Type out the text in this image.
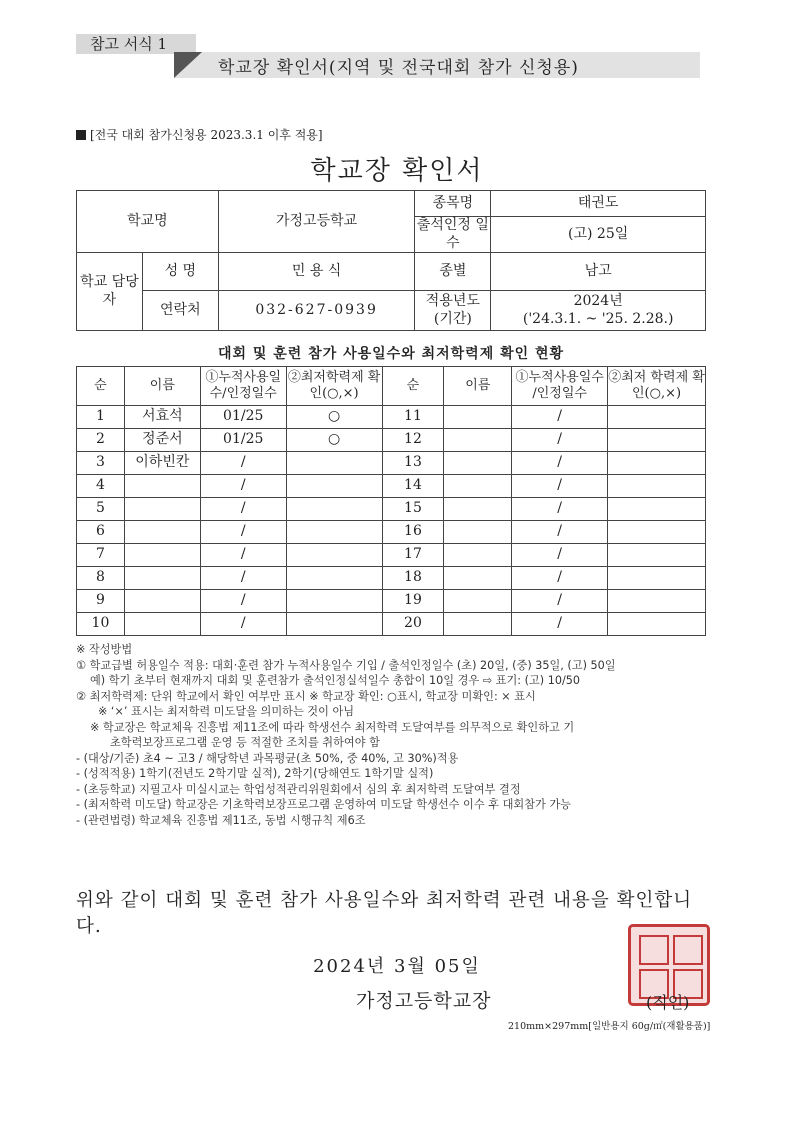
참고 서식 1
학교장 확인서(지역 및 전국대회 참가 신청용)
[전국 대회 참가신청용 2023.3.1 이후 적용]
학교장 확인서
학교명		가정고등학교	종목명	태권도
			출석인정 일수	(고) 25일
학교 담당자	성 명	민 용 식	종별	남고
	연락처	032-627-0939	적용년도 (기간)	2024년
('24.3.1. ~ '25. 2.28.)
대회 및 훈련 참가 사용일수와 최저학력제 확인 현황
순	이름	①누적사용일수/인정일수	②최저학력제 확인(○,×)	순	이름	①누적사용일수 /인정일수	②최저 학력제 확인(○,×)
1	서효석	01/25	○	11		/	
2	정준서	01/25	○	12		/	
3	이하빈칸	/		13		/	
4		/		14		/	
5		/		15		/	
6		/		16		/	
7		/		17		/	
8		/		18		/	
9		/		19		/	
10		/		20		/	

※ 작성방법

① 학교급별 허용일수 적용: 대회·훈련 참가 누적사용일수 기입 / 출석인정일수 (초) 20일, (중) 35일, (고) 50일

예) 학기 초부터 현재까지 대회 및 훈련참가 출석인정실석일수 총합이 10일 경우 ⇨ 표기: (고) 10/50

② 최저학력제: 단위 학교에서 확인 여부만 표시 ※ 학교장 확인: ○표시, 학교장 미확인: × 표시

※ ‘×’ 표시는 최저학력 미도달을 의미하는 것이 아님

※ 학교장은 학교체육 진흥법 제11조에 따라 학생선수 최저학력 도달여부를 의무적으로 확인하고 기

초학력보장프로그램 운영 등 적절한 조치를 취하여야 함

- (대상/기준) 초4 ~ 고3 / 해당학년 과목평균(초 50%, 중 40%, 고 30%)적용

- (성적적용) 1학기(전년도 2학기말 실적), 2학기(당해연도 1학기말 실적)

- (초등학교) 지필고사 미실시교는 학업성적관리위원회에서 심의 후 최저학력 도달여부 결정

- (최저학력 미도달) 학교장은 기초학력보장프로그램 운영하여 미도달 학생선수 이수 후 대회참가 가능

- (관련법령) 학교체육 진흥법 제11조, 동법 시행규칙 제6조

위와 같이 대회 및 훈련 참가 사용일수와 최저학력 관련 내용을 확인합니다.
2024년 3월 05일
가정고등학교장	(직인)
210mm×297mm[일반용지 60g/㎡(재활용품)]
